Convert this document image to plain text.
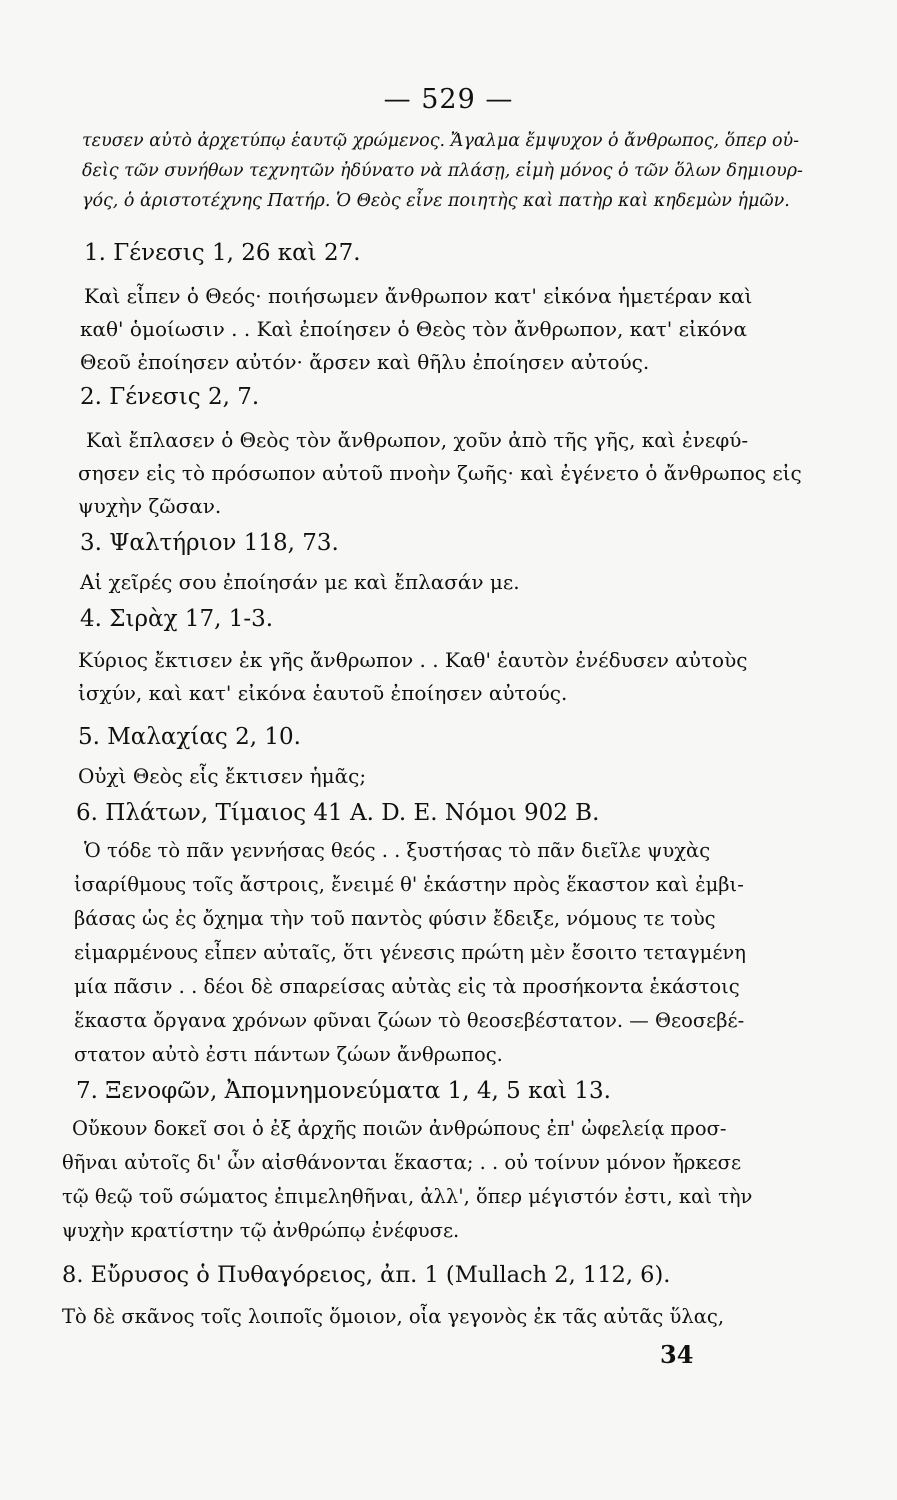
— 529 —

τευσεν αὐτὸ ἀρχετύπῳ ἑαυτῷ χρώμενος. Ἄγαλμα ἔμψυχον ὁ ἄνθρωπος, ὅπερ οὐ-

δεὶς τῶν συνήθων τεχνητῶν ἠδύνατο νὰ πλάσῃ, εἰμὴ μόνος ὁ τῶν ὅλων δημιουρ-

γός, ὁ ἀριστοτέχνης Πατήρ. Ὁ Θεὸς εἶνε ποιητὴς καὶ πατὴρ καὶ κηδεμὼν ἡμῶν.

1. Γένεσις 1, 26 καὶ 27.

Καὶ εἶπεν ὁ Θεός· ποιήσωμεν ἄνθρωπον κατ' εἰκόνα ἡμετέραν καὶ

καθ' ὁμοίωσιν . . Καὶ ἐποίησεν ὁ Θεὸς τὸν ἄνθρωπον, κατ' εἰκόνα

Θεοῦ ἐποίησεν αὐτόν· ἄρσεν καὶ θῆλυ ἐποίησεν αὐτούς.

2. Γένεσις 2, 7.

Καὶ ἔπλασεν ὁ Θεὸς τὸν ἄνθρωπον, χοῦν ἀπὸ τῆς γῆς, καὶ ἐνεφύ-

σησεν εἰς τὸ πρόσωπον αὐτοῦ πνοὴν ζωῆς· καὶ ἐγένετο ὁ ἄνθρωπος εἰς

ψυχὴν ζῶσαν.

3. Ψαλτήριον 118, 73.

Αἱ χεῖρές σου ἐποίησάν με καὶ ἔπλασάν με.

4. Σιρὰχ 17, 1-3.

Κύριος ἔκτισεν ἐκ γῆς ἄνθρωπον . . Καθ' ἑαυτὸν ἐνέδυσεν αὐτοὺς

ἰσχύν, καὶ κατ' εἰκόνα ἑαυτοῦ ἐποίησεν αὐτούς.

5. Μαλαχίας 2, 10.

Οὐχὶ Θεὸς εἷς ἔκτισεν ἡμᾶς;

6. Πλάτων, Τίμαιος 41 A. D. E. Νόμοι 902 B.

Ὁ τόδε τὸ πᾶν γεννήσας θεός . . ξυστήσας τὸ πᾶν διεῖλε ψυχὰς

ἰσαρίθμους τοῖς ἄστροις, ἔνειμέ θ' ἑκάστην πρὸς ἕκαστον καὶ ἐμβι-

βάσας ὡς ἐς ὄχημα τὴν τοῦ παντὸς φύσιν ἔδειξε, νόμους τε τοὺς

εἱμαρμένους εἶπεν αὐταῖς, ὅτι γένεσις πρώτη μὲν ἔσοιτο τεταγμένη

μία πᾶσιν . . δέοι δὲ σπαρείσας αὐτὰς εἰς τὰ προσήκοντα ἑκάστοις

ἕκαστα ὄργανα χρόνων φῦναι ζώων τὸ θεοσεβέστατον. — Θεοσεβέ-

στατον αὐτὸ ἐστι πάντων ζώων ἄνθρωπος.

7. Ξενοφῶν, Ἀπομνημονεύματα 1, 4, 5 καὶ 13.

Οὔκουν δοκεῖ σοι ὁ ἐξ ἀρχῆς ποιῶν ἀνθρώπους ἐπ' ὠφελείᾳ προσ-

θῆναι αὐτοῖς δι' ὧν αἰσθάνονται ἕκαστα; . . οὐ τοίνυν μόνον ἤρκεσε

τῷ θεῷ τοῦ σώματος ἐπιμεληθῆναι, ἀλλ', ὅπερ μέγιστόν ἐστι, καὶ τὴν

ψυχὴν κρατίστην τῷ ἀνθρώπῳ ἐνέφυσε.

8. Εὔρυσος ὁ Πυθαγόρειος, ἀπ. 1 (Mullach 2, 112, 6).

Τὸ δὲ σκᾶνος τοῖς λοιποῖς ὅμοιον, οἷα γεγονὸς ἐκ τᾶς αὐτᾶς ὕλας,

34
